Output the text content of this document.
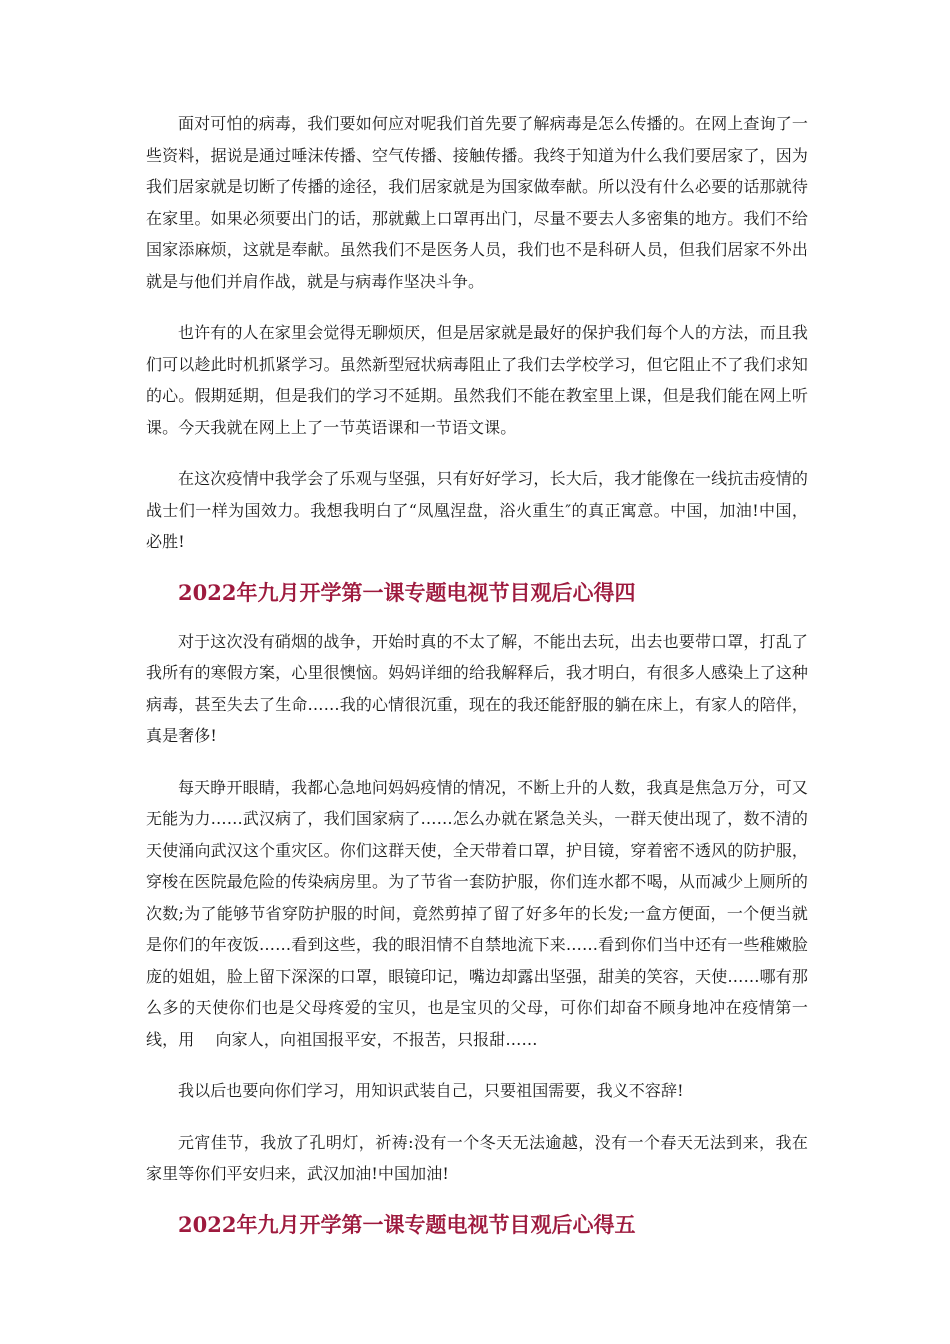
面对可怕的病毒，我们要如何应对呢我们首先要了解病毒是怎么传播的。在网上查询了一些资料，据说是通过唾沫传播、空气传播、接触传播。我终于知道为什么我们要居家了，因为我们居家就是切断了传播的途径，我们居家就是为国家做奉献。所以没有什么必要的话那就待在家里。如果必须要出门的话，那就戴上口罩再出门，尽量不要去人多密集的地方。我们不给国家添麻烦，这就是奉献。虽然我们不是医务人员，我们也不是科研人员，但我们居家不外出就是与他们并肩作战，就是与病毒作坚决斗争。

也许有的人在家里会觉得无聊烦厌，但是居家就是最好的保护我们每个人的方法，而且我们可以趁此时机抓紧学习。虽然新型冠状病毒阻止了我们去学校学习，但它阻止不了我们求知的心。假期延期，但是我们的学习不延期。虽然我们不能在教室里上课，但是我们能在网上听课。今天我就在网上上了一节英语课和一节语文课。

在这次疫情中我学会了乐观与坚强，只有好好学习，长大后，我才能像在一线抗击疫情的战士们一样为国效力。我想我明白了“凤凰涅盘，浴火重生″的真正寓意。中国，加油!中国，必胜!

2022年九月开学第一课专题电视节目观后心得四

对于这次没有硝烟的战争，开始时真的不太了解，不能出去玩，出去也要带口罩，打乱了我所有的寒假方案，心里很懊恼。妈妈详细的给我解释后，我才明白，有很多人感染上了这种病毒，甚至失去了生命……我的心情很沉重，现在的我还能舒服的躺在床上，有家人的陪伴，真是奢侈!

每天睁开眼睛，我都心急地问妈妈疫情的情况，不断上升的人数，我真是焦急万分，可又无能为力……武汉病了，我们国家病了……怎么办就在紧急关头，一群天使出现了，数不清的天使涌向武汉这个重灾区。你们这群天使，全天带着口罩，护目镜，穿着密不透风的防护服，穿梭在医院最危险的传染病房里。为了节省一套防护服，你们连水都不喝，从而减少上厕所的次数;为了能够节省穿防护服的时间，竟然剪掉了留了好多年的长发;一盒方便面，一个便当就是你们的年夜饭……看到这些，我的眼泪情不自禁地流下来……看到你们当中还有一些稚嫩脸庞的姐姐，脸上留下深深的口罩，眼镜印记，嘴边却露出坚强，甜美的笑容，天使……哪有那么多的天使你们也是父母疼爱的宝贝，也是宝贝的父母，可你们却奋不顾身地冲在疫情第一线，用　 向家人，向祖国报平安，不报苦，只报甜……

我以后也要向你们学习，用知识武装自己，只要祖国需要，我义不容辞!

元宵佳节，我放了孔明灯，祈祷:没有一个冬天无法逾越，没有一个春天无法到来，我在家里等你们平安归来，武汉加油!中国加油!

2022年九月开学第一课专题电视节目观后心得五
